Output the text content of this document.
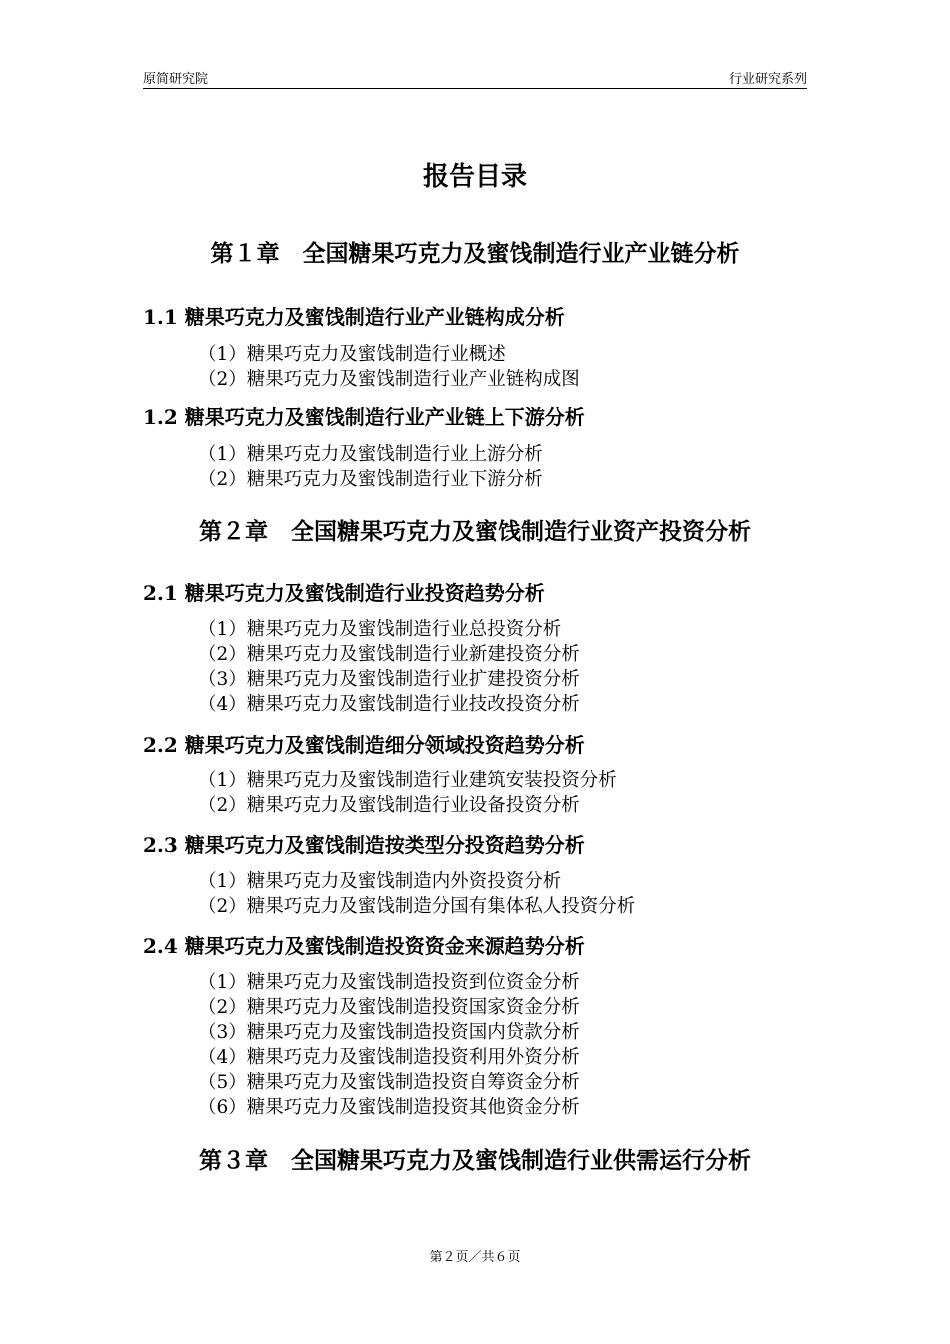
原简研究院	行业研究系列
报告目录
第１章　全国糖果巧克力及蜜饯制造行业产业链分析
1.1 糖果巧克力及蜜饯制造行业产业链构成分析
（1）糖果巧克力及蜜饯制造行业概述
（2）糖果巧克力及蜜饯制造行业产业链构成图
1.2 糖果巧克力及蜜饯制造行业产业链上下游分析
（1）糖果巧克力及蜜饯制造行业上游分析
（2）糖果巧克力及蜜饯制造行业下游分析
第２章　全国糖果巧克力及蜜饯制造行业资产投资分析
2.1 糖果巧克力及蜜饯制造行业投资趋势分析
（1）糖果巧克力及蜜饯制造行业总投资分析
（2）糖果巧克力及蜜饯制造行业新建投资分析
（3）糖果巧克力及蜜饯制造行业扩建投资分析
（4）糖果巧克力及蜜饯制造行业技改投资分析
2.2 糖果巧克力及蜜饯制造细分领域投资趋势分析
（1）糖果巧克力及蜜饯制造行业建筑安装投资分析
（2）糖果巧克力及蜜饯制造行业设备投资分析
2.3 糖果巧克力及蜜饯制造按类型分投资趋势分析
（1）糖果巧克力及蜜饯制造内外资投资分析
（2）糖果巧克力及蜜饯制造分国有集体私人投资分析
2.4 糖果巧克力及蜜饯制造投资资金来源趋势分析
（1）糖果巧克力及蜜饯制造投资到位资金分析
（2）糖果巧克力及蜜饯制造投资国家资金分析
（3）糖果巧克力及蜜饯制造投资国内贷款分析
（4）糖果巧克力及蜜饯制造投资利用外资分析
（5）糖果巧克力及蜜饯制造投资自筹资金分析
（6）糖果巧克力及蜜饯制造投资其他资金分析
第３章　全国糖果巧克力及蜜饯制造行业供需运行分析
第２页／共６页
